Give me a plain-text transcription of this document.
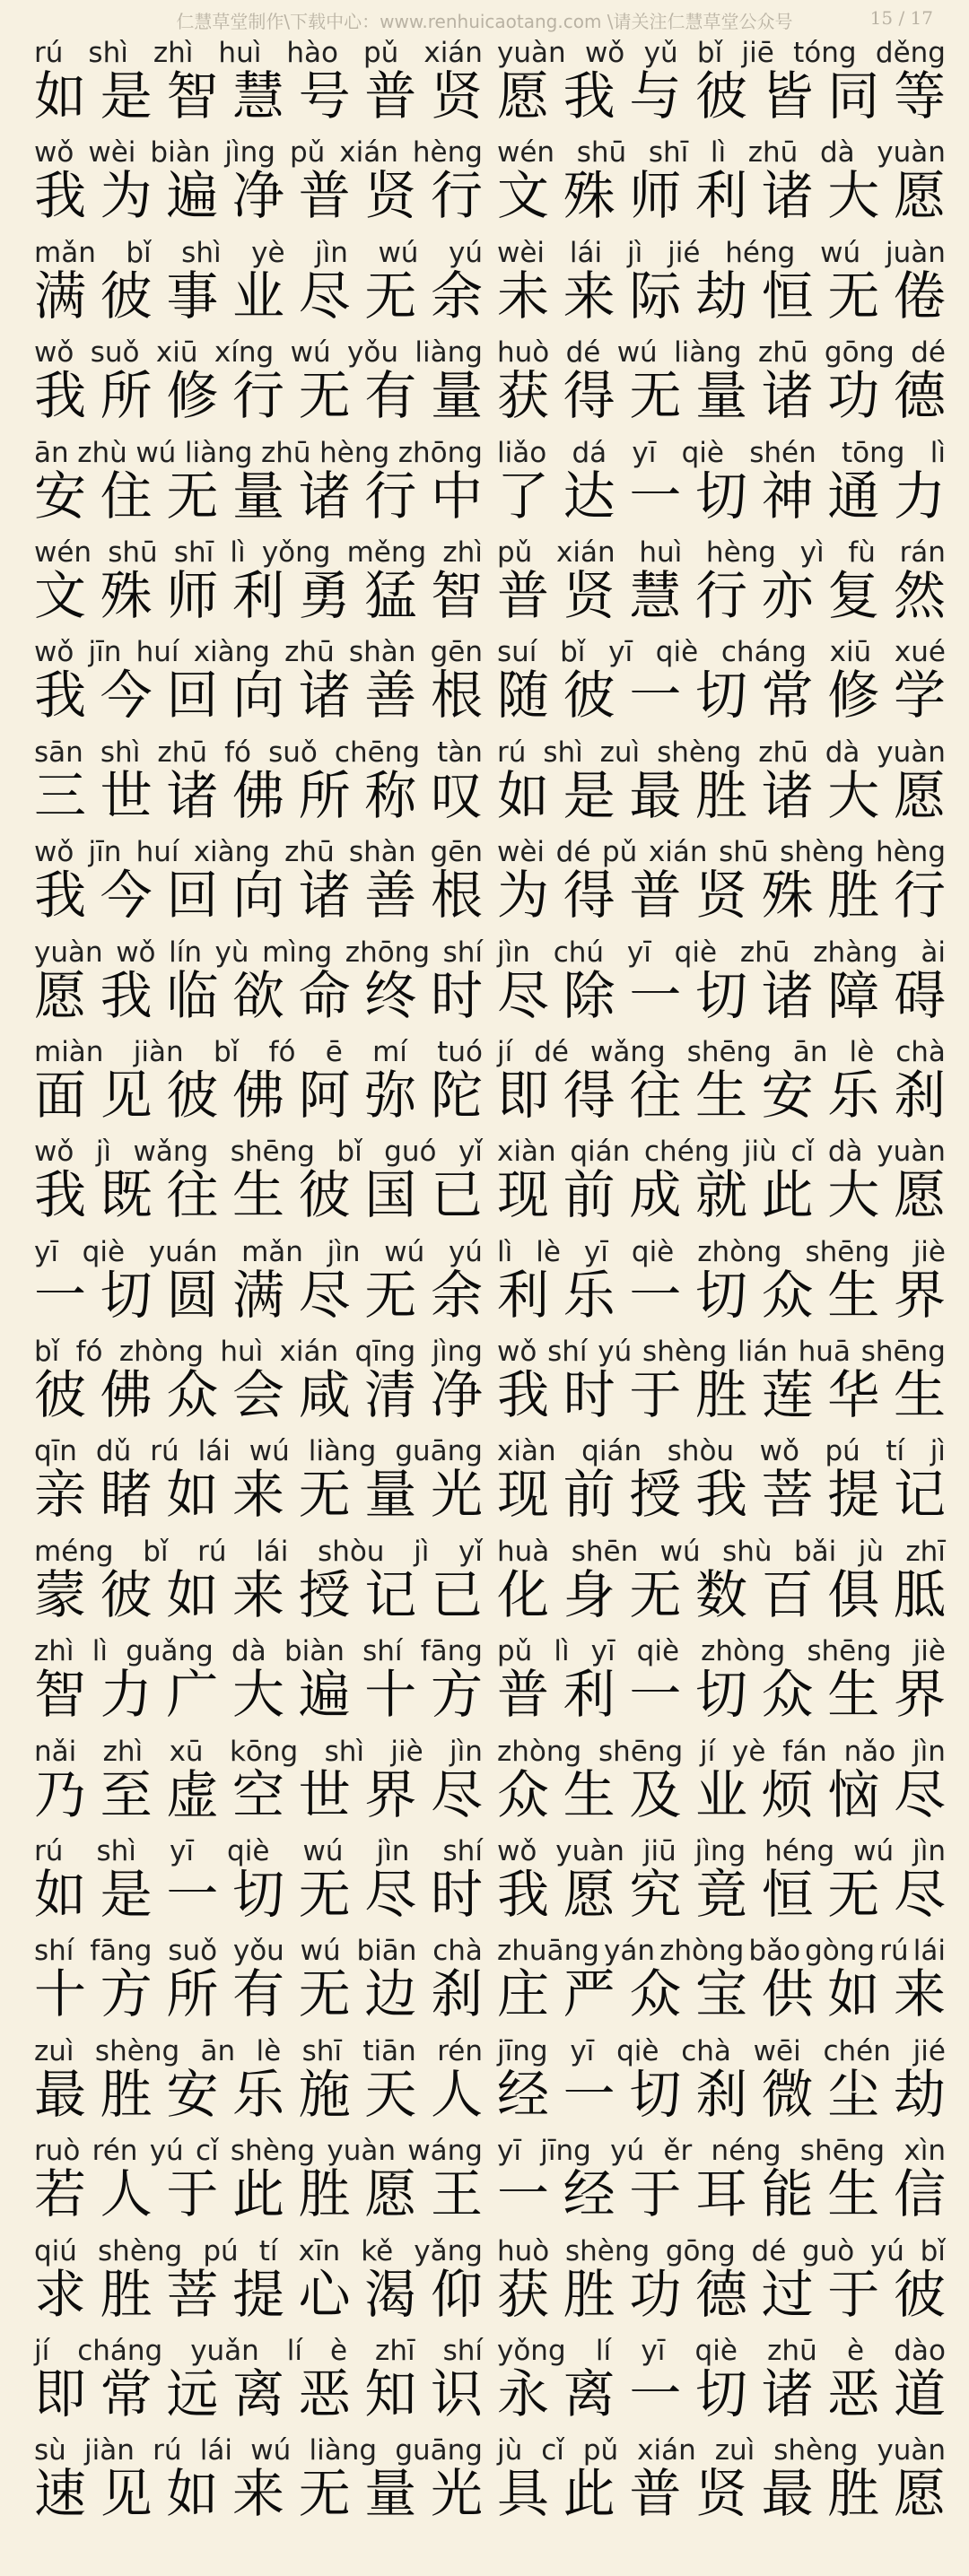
仁慧草堂制作\下载中心：www.renhuicaotang.com \请关注仁慧草堂公众号	15 / 17
rú shì zhì huì hào pǔ xián
如 是 智 慧 号 普 贤
yuàn wǒ yǔ bǐ jiē tóng děng
愿 我 与 彼 皆 同 等
wǒ wèi biàn jìng pǔ xián hèng
我 为 遍 净 普 贤 行
wén shū shī lì zhū dà yuàn
文 殊 师 利 诸 大 愿
mǎn bǐ shì yè jìn wú yú
满 彼 事 业 尽 无 余
wèi lái jì jié héng wú juàn
未 来 际 劫 恒 无 倦
wǒ suǒ xiū xíng wú yǒu liàng
我 所 修 行 无 有 量
huò dé wú liàng zhū gōng dé
获 得 无 量 诸 功 德
ān zhù wú liàng zhū hèng zhōng
安 住 无 量 诸 行 中
liǎo dá yī qiè shén tōng lì
了 达 一 切 神 通 力
wén shū shī lì yǒng měng zhì
文 殊 师 利 勇 猛 智
pǔ xián huì hèng yì fù rán
普 贤 慧 行 亦 复 然
wǒ jīn huí xiàng zhū shàn gēn
我 今 回 向 诸 善 根
suí bǐ yī qiè cháng xiū xué
随 彼 一 切 常 修 学
sān shì zhū fó suǒ chēng tàn
三 世 诸 佛 所 称 叹
rú shì zuì shèng zhū dà yuàn
如 是 最 胜 诸 大 愿
wǒ jīn huí xiàng zhū shàn gēn
我 今 回 向 诸 善 根
wèi dé pǔ xián shū shèng hèng
为 得 普 贤 殊 胜 行
yuàn wǒ lín yù mìng zhōng shí
愿 我 临 欲 命 终 时
jìn chú yī qiè zhū zhàng ài
尽 除 一 切 诸 障 碍
miàn jiàn bǐ fó ē mí tuó
面 见 彼 佛 阿 弥 陀
jí dé wǎng shēng ān lè chà
即 得 往 生 安 乐 刹
wǒ jì wǎng shēng bǐ guó yǐ
我 既 往 生 彼 国 已
xiàn qián chéng jiù cǐ dà yuàn
现 前 成 就 此 大 愿
yī qiè yuán mǎn jìn wú yú
一 切 圆 满 尽 无 余
lì lè yī qiè zhòng shēng jiè
利 乐 一 切 众 生 界
bǐ fó zhòng huì xián qīng jìng
彼 佛 众 会 咸 清 净
wǒ shí yú shèng lián huā shēng
我 时 于 胜 莲 华 生
qīn dǔ rú lái wú liàng guāng
亲 睹 如 来 无 量 光
xiàn qián shòu wǒ pú tí jì
现 前 授 我 菩 提 记
méng bǐ rú lái shòu jì yǐ
蒙 彼 如 来 授 记 已
huà shēn wú shù bǎi jù zhī
化 身 无 数 百 俱 胝
zhì lì guǎng dà biàn shí fāng
智 力 广 大 遍 十 方
pǔ lì yī qiè zhòng shēng jiè
普 利 一 切 众 生 界
nǎi zhì xū kōng shì jiè jìn
乃 至 虚 空 世 界 尽
zhòng shēng jí yè fán nǎo jìn
众 生 及 业 烦 恼 尽
rú shì yī qiè wú jìn shí
如 是 一 切 无 尽 时
wǒ yuàn jiū jìng héng wú jìn
我 愿 究 竟 恒 无 尽
shí fāng suǒ yǒu wú biān chà
十 方 所 有 无 边 刹
zhuāng yán zhòng bǎo gòng rú lái
庄 严 众 宝 供 如 来
zuì shèng ān lè shī tiān rén
最 胜 安 乐 施 天 人
jīng yī qiè chà wēi chén jié
经 一 切 刹 微 尘 劫
ruò rén yú cǐ shèng yuàn wáng
若 人 于 此 胜 愿 王
yī jīng yú ěr néng shēng xìn
一 经 于 耳 能 生 信
qiú shèng pú tí xīn kě yǎng
求 胜 菩 提 心 渴 仰
huò shèng gōng dé guò yú bǐ
获 胜 功 德 过 于 彼
jí cháng yuǎn lí è zhī shí
即 常 远 离 恶 知 识
yǒng lí yī qiè zhū è dào
永 离 一 切 诸 恶 道
sù jiàn rú lái wú liàng guāng
速 见 如 来 无 量 光
jù cǐ pǔ xián zuì shèng yuàn
具 此 普 贤 最 胜 愿
